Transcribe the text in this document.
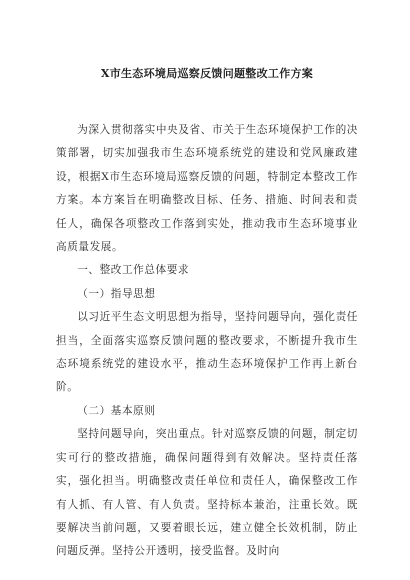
X市生态环境局巡察反馈问题整改工作方案

为深入贯彻落实中央及省、市关于生态环境保护工作的决策部署，切实加强我市生态环境系统党的建设和党风廉政建设，根据X市生态环境局巡察反馈的问题，特制定本整改工作方案。本方案旨在明确整改目标、任务、措施、时间表和责任人，确保各项整改工作落到实处，推动我市生态环境事业高质量发展。

一、整改工作总体要求

（一）指导思想

以习近平生态文明思想为指导，坚持问题导向，强化责任担当，全面落实巡察反馈问题的整改要求，不断提升我市生态环境系统党的建设水平，推动生态环境保护工作再上新台阶。

（二）基本原则

坚持问题导向，突出重点。针对巡察反馈的问题，制定切实可行的整改措施，确保问题得到有效解决。坚持责任落实，强化担当。明确整改责任单位和责任人，确保整改工作有人抓、有人管、有人负责。坚持标本兼治，注重长效。既要解决当前问题，又要着眼长远，建立健全长效机制，防止问题反弹。坚持公开透明，接受监督。及时向
